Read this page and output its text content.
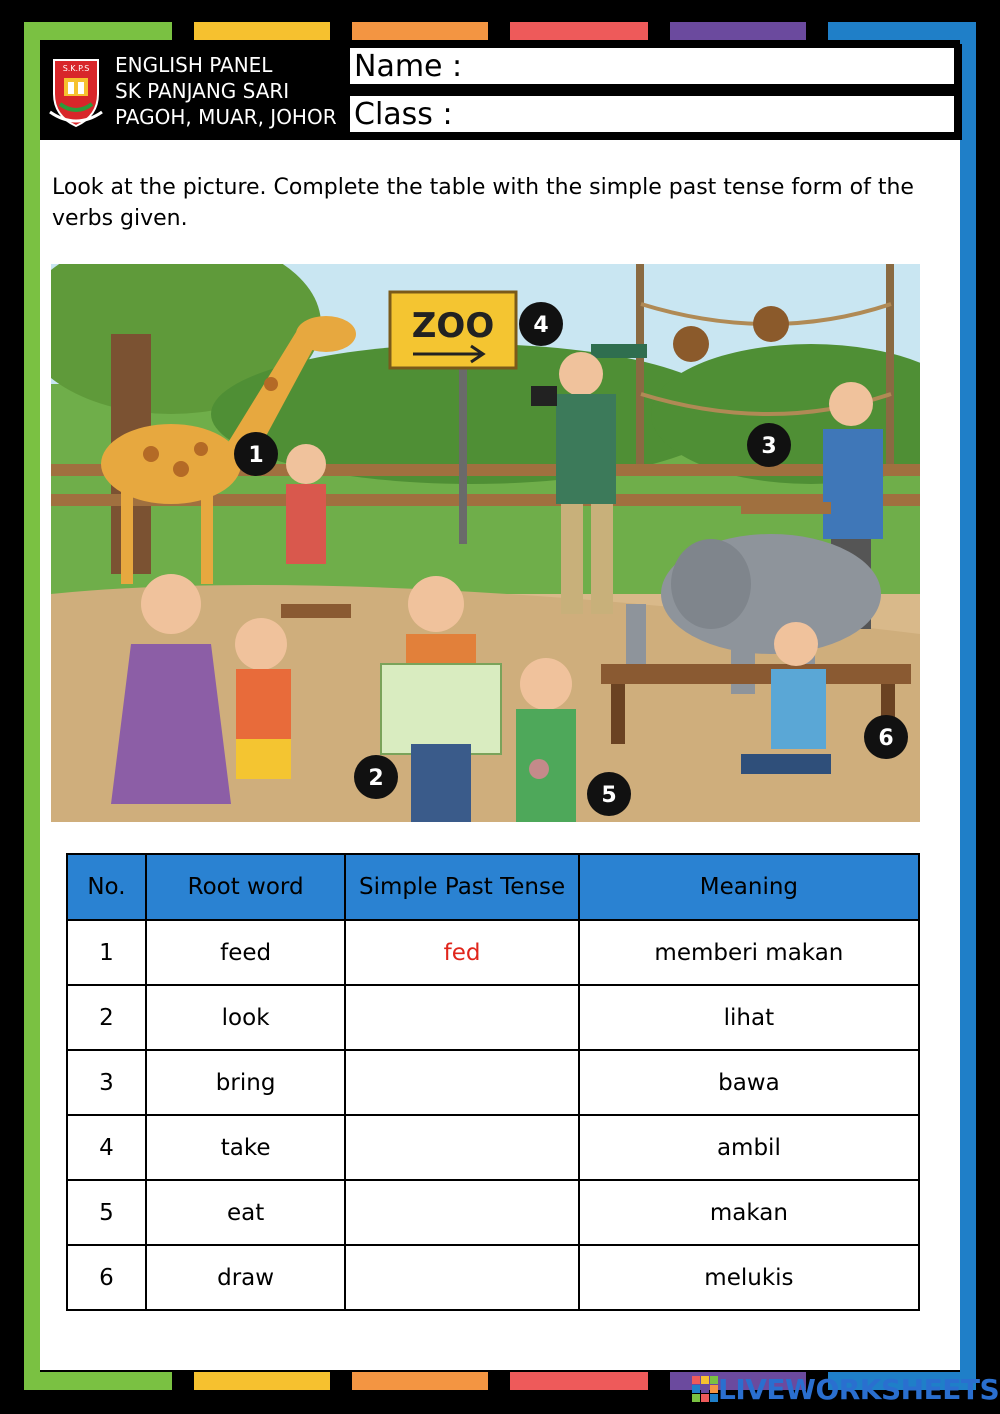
S.K.P.S ENGLISH PANEL
SK PANJANG SARI
PAGOH, MUAR, JOHOR
Name :
Class :
Look at the picture. Complete the table with the simple past tense form of the verbs given.
ZOO
1
2
3
4
5
6
No.	Root word	Simple Past Tense	Meaning
1	feed	fed	memberi makan
2	look		lihat
3	bring		bawa
4	take		ambil
5	eat		makan
6	draw		melukis
LIVEWORKSHEETS
